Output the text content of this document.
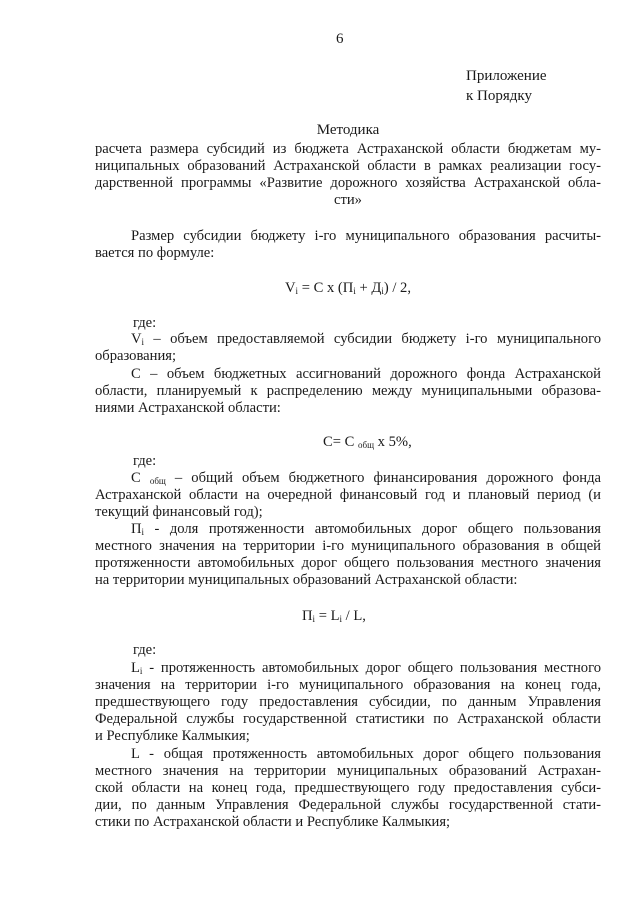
6
Приложение
к Порядку
Методика
расчета размера субсидий из бюджета Астраханской области бюджетам му-
ниципальных образований Астраханской области в рамках реализации госу-
дарственной программы «Развитие дорожного хозяйства Астраханской обла-
сти»
Размер субсидии бюджету i-го муниципального образования расчиты-
вается по формуле:
$V_i = C$ x $(П_i + Д_i) / 2$,
где:
$V_i$ – объем предоставляемой субсидии бюджету i-го муниципального
образования;
С – объем бюджетных ассигнований дорожного фонда Астраханской
области, планируемый к распределению между муниципальными образова-
ниями Астраханской области:
С= С $_{общ}$ x 5%,
где:
С $_{общ}$ – общий объем бюджетного финансирования дорожного фонда
Астраханской области на очередной финансовый год и плановый период (и
текущий финансовый год);
$П_i$ - доля протяженности автомобильных дорог общего пользования
местного значения на территории i-го муниципального образования в общей
протяженности автомобильных дорог общего пользования местного значения
на территории муниципальных образований Астраханской области:
$П_i = L_i / L$,
где:
$L_i$ - протяженность автомобильных дорог общего пользования местного
значения на территории i-го муниципального образования на конец года,
предшествующего году предоставления субсидии, по данным Управления
Федеральной службы государственной статистики по Астраханской области
и Республике Калмыкия;
L - общая протяженность автомобильных дорог общего пользования
местного значения на территории муниципальных образований Астрахан-
ской области на конец года, предшествующего году предоставления субси-
дии, по данным Управления Федеральной службы государственной стати-
стики по Астраханской области и Республике Калмыкия;
